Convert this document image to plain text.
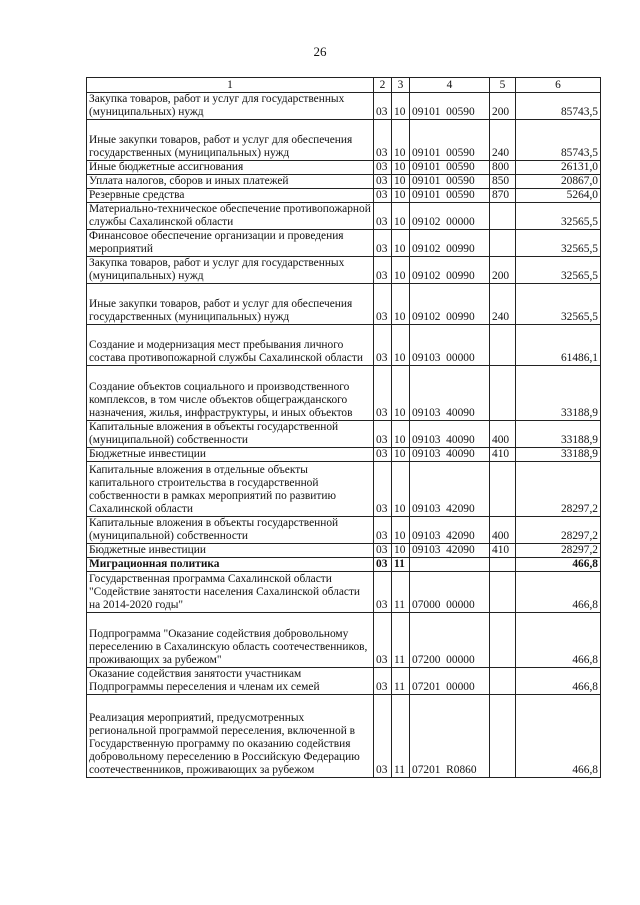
26
1	2	3	4	5	6
Закупка товаров, работ и услуг для государственных (муниципальных) нужд	03	10	09101  00590	200	85743,5
Иные закупки товаров, работ и услуг для обеспечения государственных (муниципальных) нужд	03	10	09101  00590	240	85743,5
Иные бюджетные ассигнования	03	10	09101  00590	800	26131,0
Уплата налогов, сборов и иных платежей	03	10	09101  00590	850	20867,0
Резервные средства	03	10	09101  00590	870	5264,0
Материально-техническое обеспечение противопожарной службы Сахалинской области	03	10	09102  00000		32565,5
Финансовое обеспечение организации и проведения мероприятий	03	10	09102  00990		32565,5
Закупка товаров, работ и услуг для государственных (муниципальных) нужд	03	10	09102  00990	200	32565,5
Иные закупки товаров, работ и услуг для обеспечения государственных (муниципальных) нужд	03	10	09102  00990	240	32565,5
Создание и модернизация мест пребывания личного состава противопожарной службы Сахалинской области	03	10	09103  00000		61486,1
Создание объектов социального и производственного комплексов, в том числе объектов общегражданского назначения, жилья, инфраструктуры, и иных объектов	03	10	09103  40090		33188,9
Капитальные вложения в объекты государственной (муниципальной) собственности	03	10	09103  40090	400	33188,9
Бюджетные инвестиции	03	10	09103  40090	410	33188,9
Капитальные вложения в отдельные объекты капитального строительства в государственной собственности в рамках мероприятий по развитию Сахалинской области	03	10	09103  42090		28297,2
Капитальные вложения в объекты государственной (муниципальной) собственности	03	10	09103  42090	400	28297,2
Бюджетные инвестиции	03	10	09103  42090	410	28297,2
Миграционная политика	03	11			466,8
Государственная программа Сахалинской области "Содействие занятости населения Сахалинской области на 2014-2020 годы"	03	11	07000  00000		466,8
Подпрограмма "Оказание содействия добровольному переселению в Сахалинскую область соотечественников, проживающих за рубежом"	03	11	07200  00000		466,8
Оказание содействия занятости участникам Подпрограммы переселения и членам их семей	03	11	07201  00000		466,8
Реализация мероприятий, предусмотренных региональной программой переселения, включенной в Государственную программу по оказанию содействия добровольному переселению в Российскую Федерацию соотечественников, проживающих за рубежом	03	11	07201  R0860		466,8
